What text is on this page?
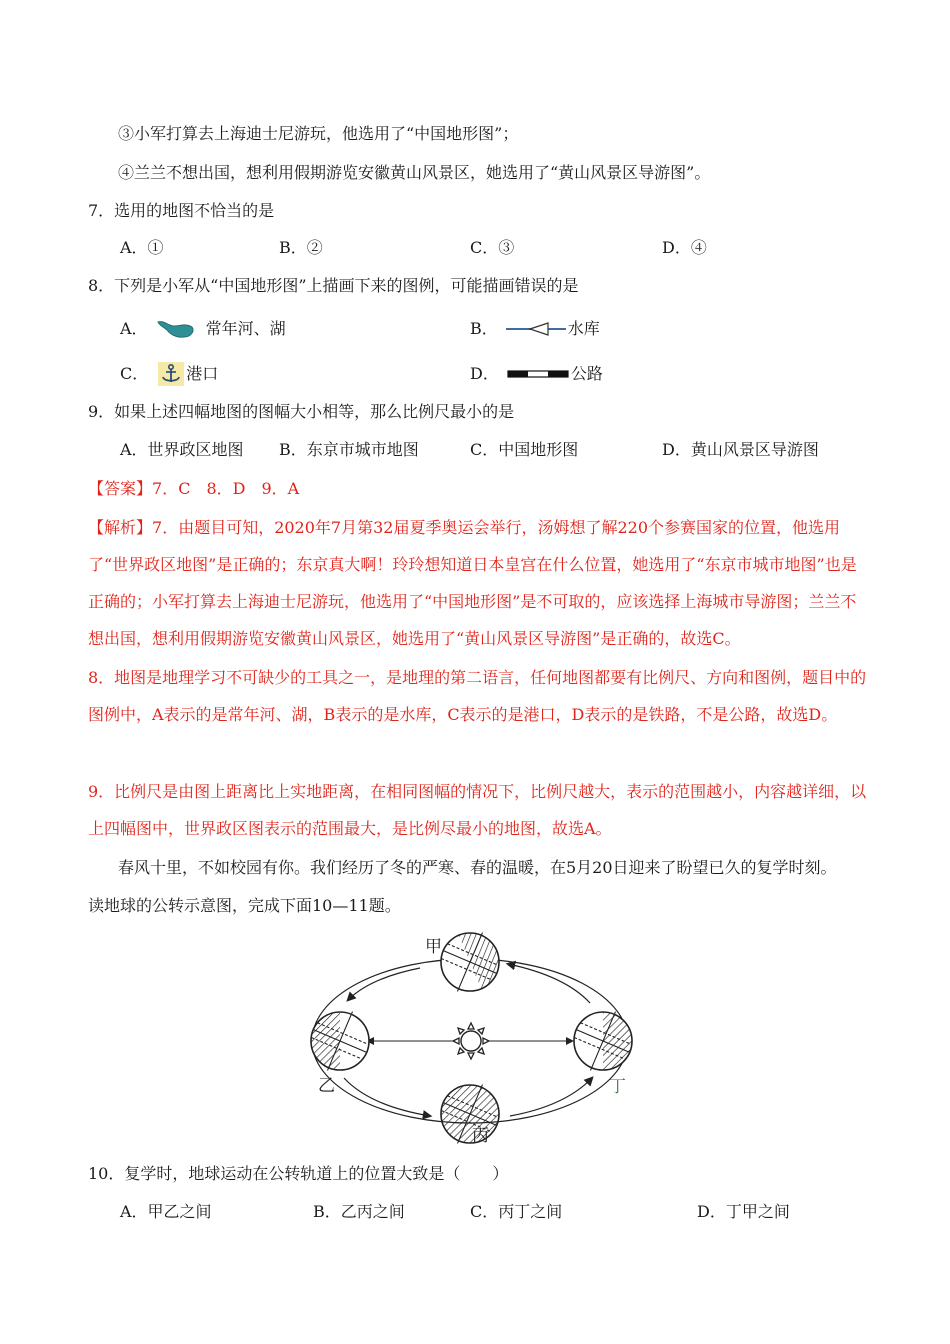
③小军打算去上海迪士尼游玩，他选用了“中国地形图”；
④兰兰不想出国，想利用假期游览安徽黄山风景区，她选用了“黄山风景区导游图”。
7．选用的地图不恰当的是
A．①	B．②	C．③	D．④
8．下列是小军从“中国地形图”上描画下来的图例，可能描画错误的是
A．	常年河、湖	B．	水库
C． 港口	D．	公路
9．如果上述四幅地图的图幅大小相等，那么比例尺最小的是
A．世界政区地图 B．东京市城市地图	C．中国地形图	D．黄山风景区导游图
【答案】7．C　8．D　9．A
【解析】7．由题目可知，2020年7月第32届夏季奥运会举行，汤姆想了解220个参赛国家的位置，他选用了“世界政区地图”是正确的；东京真大啊！玲玲想知道日本皇宫在什么位置，她选用了“东京市城市地图”也是正确的；小军打算去上海迪士尼游玩，他选用了“中国地形图”是不可取的，应该选择上海城市导游图；兰兰不想出国，想利用假期游览安徽黄山风景区，她选用了“黄山风景区导游图”是正确的，故选C。
8．地图是地理学习不可缺少的工具之一，是地理的第二语言，任何地图都要有比例尺、方向和图例，题目中的图例中，A表示的是常年河、湖，B表示的是水库，C表示的是港口，D表示的是铁路，不是公路，故选D。
9．比例尺是由图上距离比上实地距离，在相同图幅的情况下，比例尺越大，表示的范围越小，内容越详细，以上四幅图中，世界政区图表示的范围最大，是比例尽最小的地图，故选A。
春风十里，不如校园有你。我们经历了冬的严寒、春的温暖，在5月20日迎来了盼望已久的复学时刻。
读地球的公转示意图，完成下面10—11题。
甲
乙
丙
丁
10．复学时，地球运动在公转轨道上的位置大致是（　　）
A．甲乙之间	B．乙丙之间	C．丙丁之间	D．丁甲之间
